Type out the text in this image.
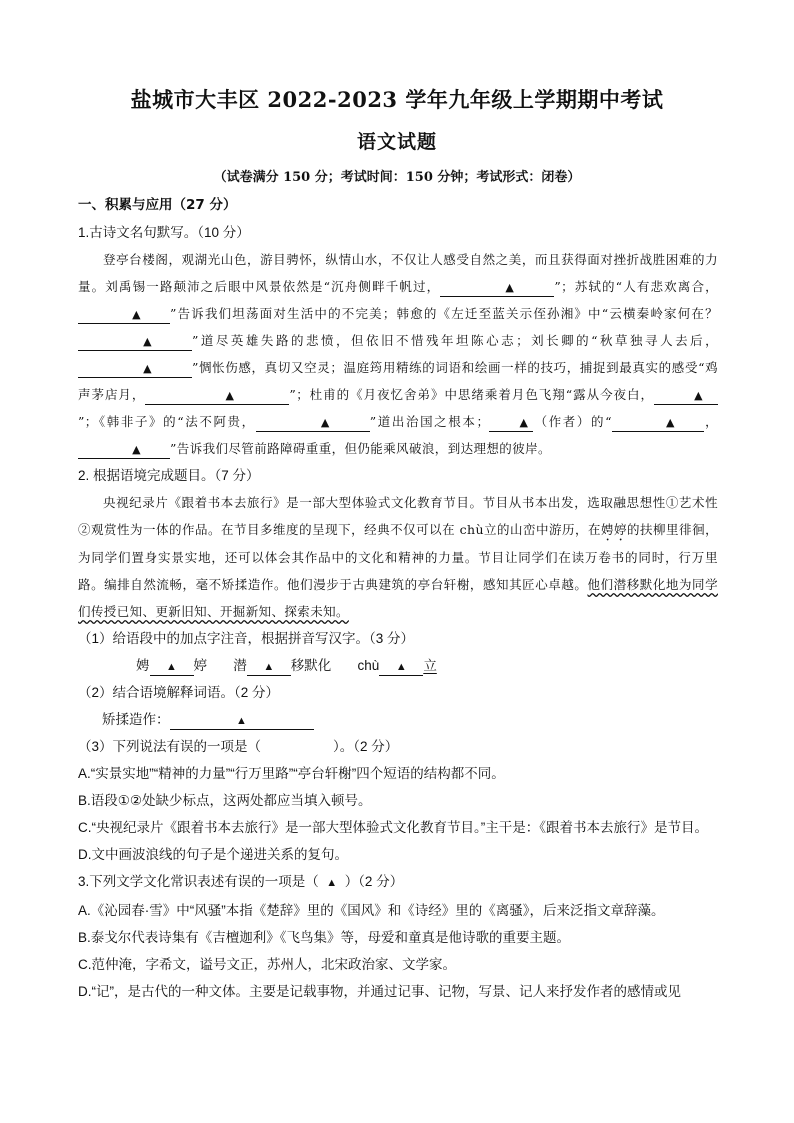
盐城市大丰区 2022-2023 学年九年级上学期期中考试
语文试题
（试卷满分 150 分；考试时间：150 分钟；考试形式：闭卷）

一、积累与应用（27 分）

1.古诗文名句默写。（10 分）

登亭台楼阁，观湖光山色，游目骋怀，纵情山水，不仅让人感受自然之美，而且获得面对挫折战胜困难的力量。刘禹锡一路颠沛之后眼中风景依然是“沉舟侧畔千帆过，	▲	”；苏轼的“人有悲欢离合，▲ ”告诉我们坦荡面对生活中的不完美；韩愈的《左迁至蓝关示侄孙湘》中“云横秦岭家何在？▲	”道尽英雄失路的悲愤，但依旧不惜残年坦陈心志；刘长卿的“秋草独寻人去后，▲	”惆怅伤感，真切又空灵；温庭筠用精练的词语和绘画一样的技巧，捕捉到最真实的感受“鸡声茅店月，	▲	”；杜甫的《月夜忆舍弟》中思绪乘着月色飞翔“露从今夜白，	▲”；《韩非子》的“法不阿贵，	▲	”道出治国之根本；	▲ （作者）的“	▲ ，▲ ”告诉我们尽管前路障碍重重，但仍能乘风破浪，到达理想的彼岸。

2. 根据语境完成题目。（7 分）

央视纪录片《跟着书本去旅行》是一部大型体验式文化教育节目。节目从书本出发，选取融思想性①艺术性②观赏性为一体的作品。在节目多维度的呈现下，经典不仅可以在 chù立的山峦中游历，在娉婷的扶柳里徘徊，为同学们置身实景实地，还可以体会其作品中的文化和精神的力量。节目让同学们在读万卷书的同时，行万里路。编排自然流畅，毫不矫揉造作。他们漫步于古典建筑的亭台轩榭，感知其匠心卓越。他们潜移默化地为同学们传授已知、更新旧知、开掘新知、探索未知。

（1）给语段中的加点字注音，根据拼音写汉字。（3 分）

娉 ▲ 婷 潜 ▲ 移默化 chù ▲ 立

（2）结合语境解释词语。（2 分）

矫揉造作：	▲

（3）下列说法有误的一项是（	）。（2 分）

A.“实景实地”“精神的力量”“行万里路”“亭台轩榭”四个短语的结构都不同。

B.语段①②处缺少标点，这两处都应当填入顿号。

C.“央视纪录片《跟着书本去旅行》是一部大型体验式文化教育节目。”主干是：《跟着书本去旅行》是节目。

D.文中画波浪线的句子是个递进关系的复句。

3.下列文学文化常识表述有误的一项是（ ▲ ）（2 分）

A.《沁园春·雪》中“风骚”本指《楚辞》里的《国风》和《诗经》里的《离骚》，后来泛指文章辞藻。

B.泰戈尔代表诗集有《吉檀迦利》《飞鸟集》等，母爱和童真是他诗歌的重要主题。

C.范仲淹，字希文，谥号文正，苏州人，北宋政治家、文学家。

D.“记”，是古代的一种文体。主要是记载事物，并通过记事、记物，写景、记人来抒发作者的感情或见
